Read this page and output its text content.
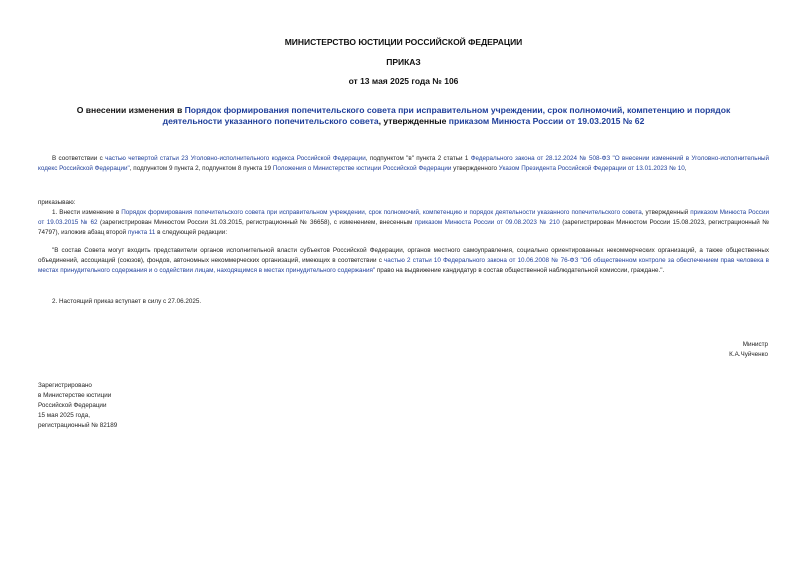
МИНИСТЕРСТВО ЮСТИЦИИ РОССИЙСКОЙ ФЕДЕРАЦИИ
ПРИКАЗ
от 13 мая 2025 года № 106
О внесении изменения в Порядок формирования попечительского совета при исправительном учреждении, срок полномочий, компетенцию и порядок деятельности указанного попечительского совета, утвержденные приказом Минюста России от 19.03.2015 № 62
В соответствии с частью четвертой статьи 23 Уголовно-исполнительного кодекса Российской Федерации, подпунктом "в" пункта 2 статьи 1 Федерального закона от 28.12.2024 № 508-ФЗ "О внесении изменений в Уголовно-исполнительный кодекс Российской Федерации", подпунктом 9 пункта 2, подпунктом 8 пункта 19 Положения о Министерстве юстиции Российской Федерации утвержденного Указом Президента Российской Федерации от 13.01.2023 № 10,
приказываю:
1. Внести изменение в Порядок формирования попечительского совета при исправительном учреждении, срок полномочий, компетенцию и порядок деятельности указанного попечительского совета, утвержденный приказом Минюста России от 19.03.2015 № 62 (зарегистрирован Минюстом России 31.03.2015, регистрационный № 36658), с изменением, внесенным приказом Минюста России от 09.08.2023 № 210 (зарегистрирован Минюстом России 15.08.2023, регистрационный № 74797), изложив абзац второй пункта 11 в следующей редакции:
"В состав Совета могут входить представители органов исполнительной власти субъектов Российской Федерации, органов местного самоуправления, социально ориентированных некоммерческих организаций, а также общественных объединений, ассоциаций (союзов), фондов, автономных некоммерческих организаций, имеющих в соответствии с частью 2 статьи 10 Федерального закона от 10.06.2008 № 76-ФЗ "Об общественном контроле за обеспечением прав человека в местах принудительного содержания и о содействии лицам, находящимся в местах принудительного содержания" право на выдвижение кандидатур в состав общественной наблюдательной комиссии, граждане.".
2. Настоящий приказ вступает в силу с 27.06.2025.
Министр
К.А.Чуйченко
Зарегистрировано
в Министерстве юстиции
Российской Федерации
15 мая 2025 года,
регистрационный № 82189
